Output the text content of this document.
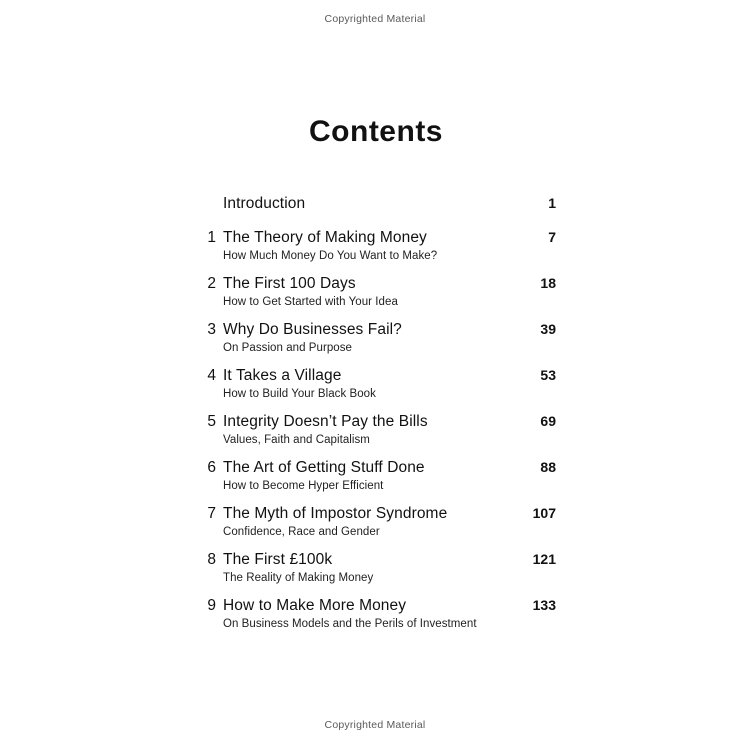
Copyrighted Material
Contents
Introduction	1
1 The Theory of Making Money	7
How Much Money Do You Want to Make?
2 The First 100 Days	18
How to Get Started with Your Idea
3 Why Do Businesses Fail?	39
On Passion and Purpose
4 It Takes a Village	53
How to Build Your Black Book
5 Integrity Doesn’t Pay the Bills	69
Values, Faith and Capitalism
6 The Art of Getting Stuff Done	88
How to Become Hyper Efficient
7 The Myth of Impostor Syndrome	107
Confidence, Race and Gender
8 The First £100k	121
The Reality of Making Money
9 How to Make More Money	133
On Business Models and the Perils of Investment
Copyrighted Material
